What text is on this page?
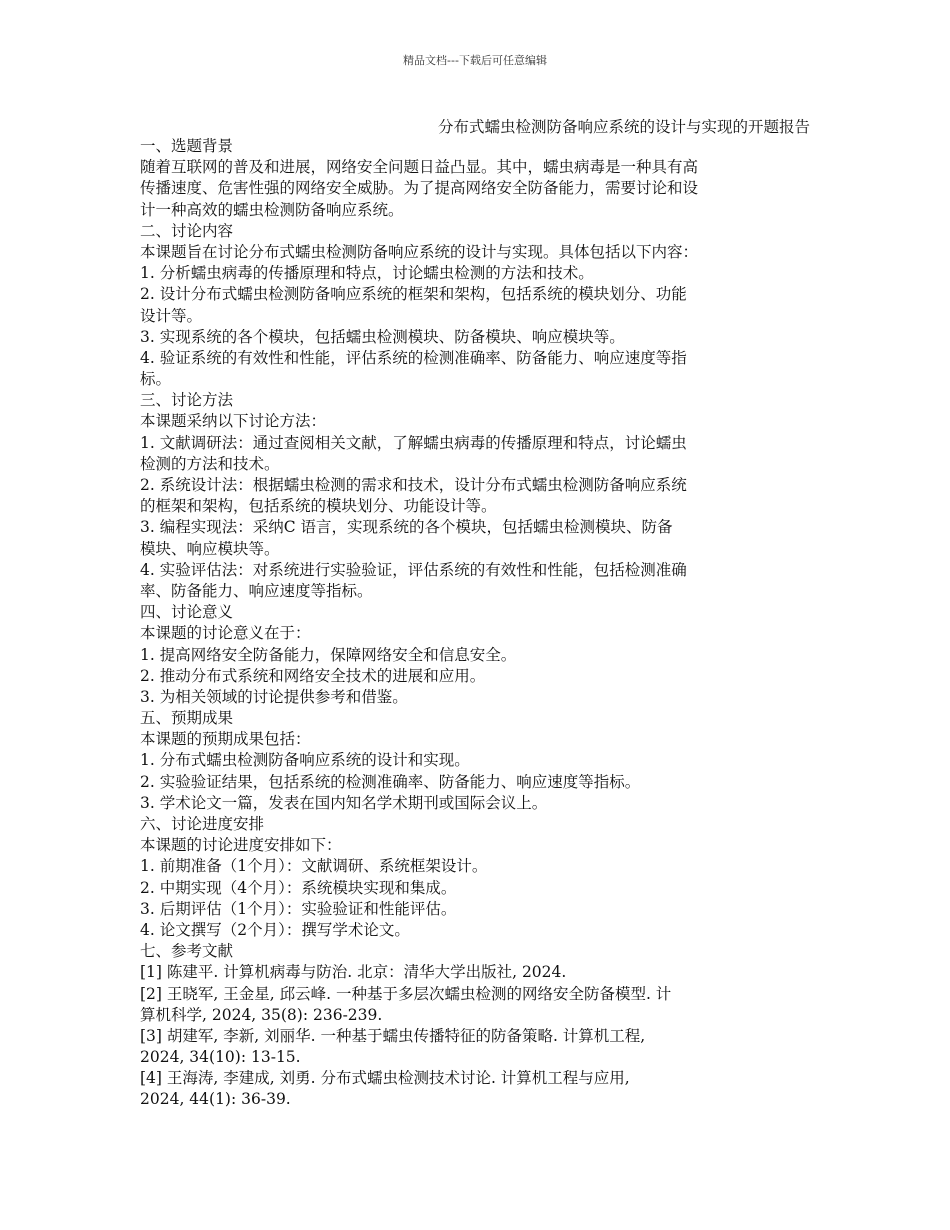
精品文档---下载后可任意编辑
分布式蠕虫检测防备响应系统的设计与实现的开题报告
一、选题背景
随着互联网的普及和进展，网络安全问题日益凸显。其中，蠕虫病毒是一种具有高
传播速度、危害性强的网络安全威胁。为了提高网络安全防备能力，需要讨论和设
计一种高效的蠕虫检测防备响应系统。
二、讨论内容
本课题旨在讨论分布式蠕虫检测防备响应系统的设计与实现。具体包括以下内容：
1. 分析蠕虫病毒的传播原理和特点，讨论蠕虫检测的方法和技术。
2. 设计分布式蠕虫检测防备响应系统的框架和架构，包括系统的模块划分、功能
设计等。
3. 实现系统的各个模块，包括蠕虫检测模块、防备模块、响应模块等。
4. 验证系统的有效性和性能，评估系统的检测准确率、防备能力、响应速度等指
标。
三、讨论方法
本课题采纳以下讨论方法：
1. 文献调研法：通过查阅相关文献，了解蠕虫病毒的传播原理和特点，讨论蠕虫
检测的方法和技术。
2. 系统设计法：根据蠕虫检测的需求和技术，设计分布式蠕虫检测防备响应系统
的框架和架构，包括系统的模块划分、功能设计等。
3. 编程实现法：采纳C 语言，实现系统的各个模块，包括蠕虫检测模块、防备
模块、响应模块等。
4. 实验评估法：对系统进行实验验证，评估系统的有效性和性能，包括检测准确
率、防备能力、响应速度等指标。
四、讨论意义
本课题的讨论意义在于：
1. 提高网络安全防备能力，保障网络安全和信息安全。
2. 推动分布式系统和网络安全技术的进展和应用。
3. 为相关领域的讨论提供参考和借鉴。
五、预期成果
本课题的预期成果包括：
1. 分布式蠕虫检测防备响应系统的设计和实现。
2. 实验验证结果，包括系统的检测准确率、防备能力、响应速度等指标。
3. 学术论文一篇，发表在国内知名学术期刊或国际会议上。
六、讨论进度安排
本课题的讨论进度安排如下：
1. 前期准备（1个月）：文献调研、系统框架设计。
2. 中期实现（4个月）：系统模块实现和集成。
3. 后期评估（1个月）：实验验证和性能评估。
4. 论文撰写（2个月）：撰写学术论文。
七、参考文献
[1] 陈建平. 计算机病毒与防治. 北京：清华大学出版社, 2024.
[2] 王晓军, 王金星, 邱云峰. 一种基于多层次蠕虫检测的网络安全防备模型. 计
算机科学, 2024, 35(8): 236-239.
[3] 胡建军, 李新, 刘丽华. 一种基于蠕虫传播特征的防备策略. 计算机工程,
2024, 34(10): 13-15.
[4] 王海涛, 李建成, 刘勇. 分布式蠕虫检测技术讨论. 计算机工程与应用,
2024, 44(1): 36-39.
